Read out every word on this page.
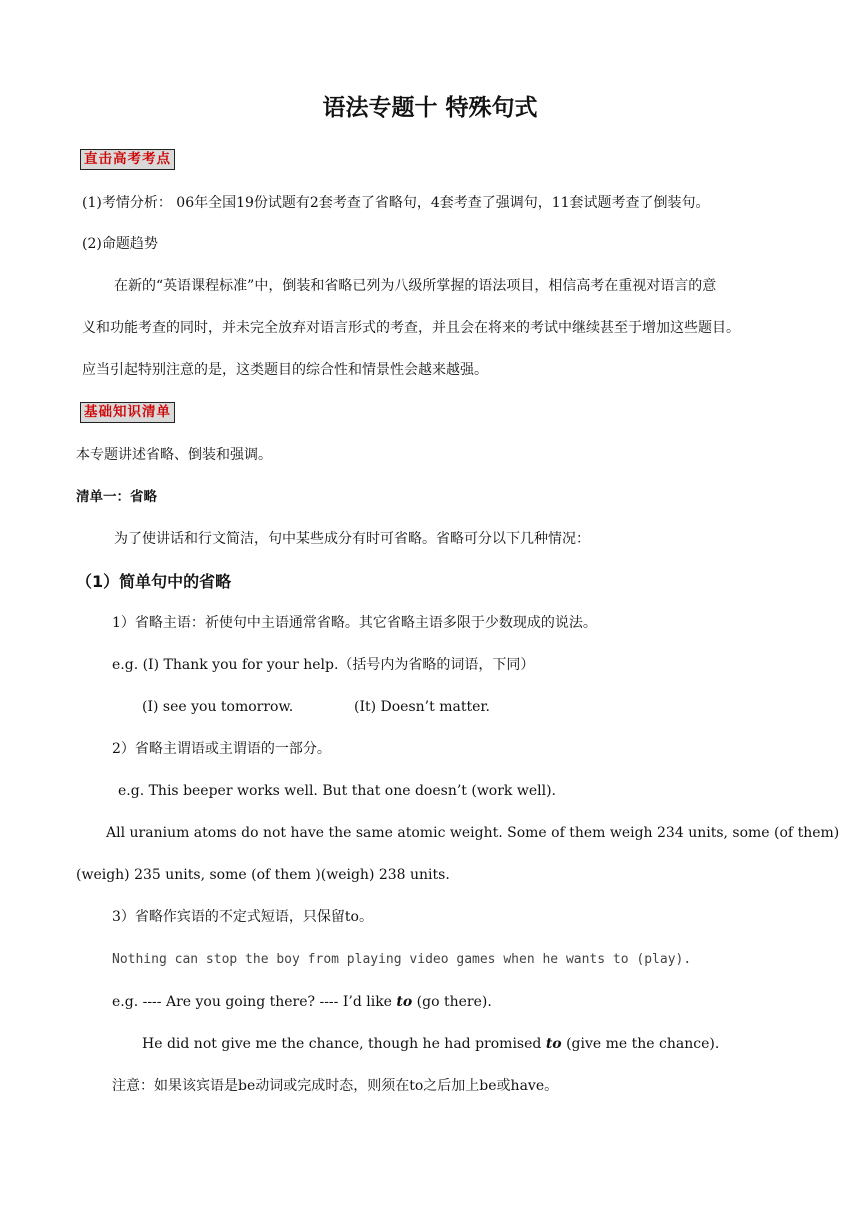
语法专题十 特殊句式
直击高考考点
(1)考情分析： 06年全国19份试题有2套考查了省略句，4套考查了强调句，11套试题考查了倒装句。
(2)命题趋势
在新的“英语课程标准”中，倒装和省略已列为八级所掌握的语法项目，相信高考在重视对语言的意
义和功能考查的同时，并未完全放弃对语言形式的考查，并且会在将来的考试中继续甚至于增加这些题目。
应当引起特别注意的是，这类题目的综合性和情景性会越来越强。
基础知识清单
本专题讲述省略、倒装和强调。
清单一：省略
为了使讲话和行文简洁，句中某些成分有时可省略。省略可分以下几种情况：
（1）简单句中的省略
1）省略主语：祈使句中主语通常省略。其它省略主语多限于少数现成的说法。
e.g. (I) Thank you for your help.（括号内为省略的词语，下同）
(I) see you tomorrow.	(It) Doesn’t matter.
2）省略主谓语或主谓语的一部分。
e.g. This beeper works well. But that one doesn’t (work well).
All uranium atoms do not have the same atomic weight. Some of them weigh 234 units, some (of them)
(weigh) 235 units, some (of them )(weigh) 238 units.
3）省略作宾语的不定式短语，只保留to。
Nothing can stop the boy from playing video games when he wants to (play).
e.g. ---- Are you going there? ---- I’d like to (go there).
He did not give me the chance, though he had promised to (give me the chance).
注意：如果该宾语是be动词或完成时态，则须在to之后加上be或have。
